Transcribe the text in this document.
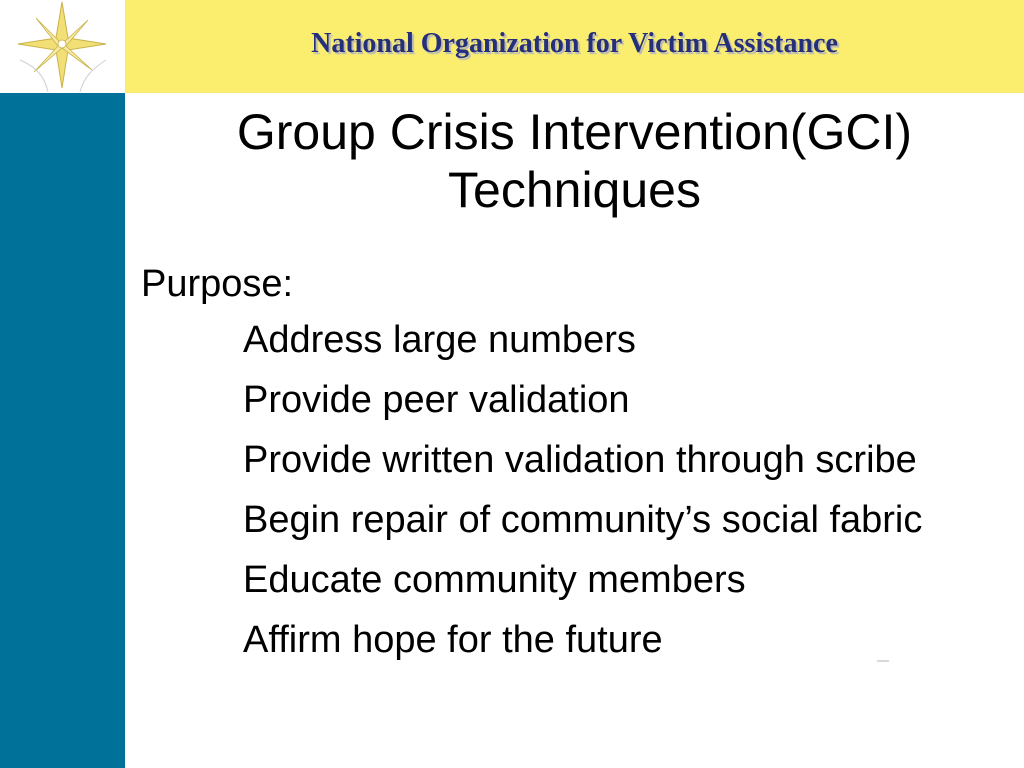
National Organization for Victim Assistance
Group Crisis Intervention(GCI)
Techniques
Purpose:
Address large numbers
Provide peer validation
Provide written validation through scribe
Begin repair of community’s social fabric
Educate community members
Affirm hope for the future
